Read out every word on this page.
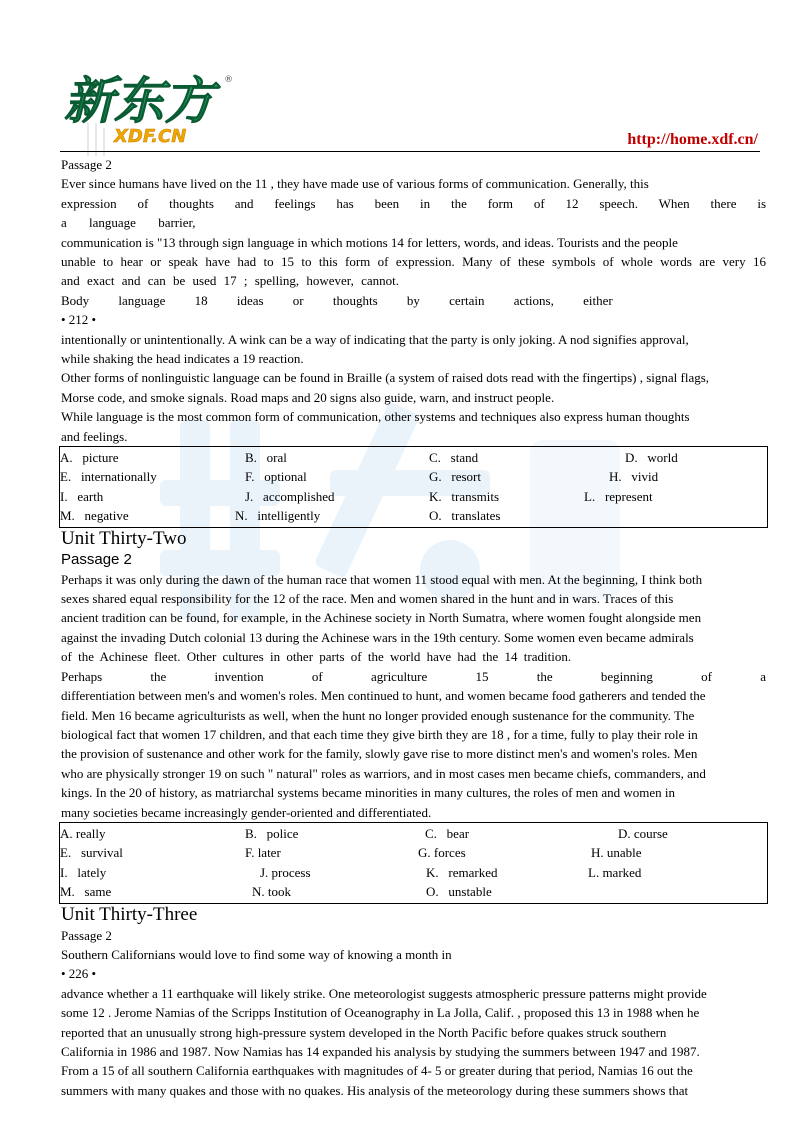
新东方	®
XDF.CN	http://home.xdf.cn/

Passage 2

Ever since humans have lived on the 11 , they have made use of various forms of communication. Generally, this

expression of thoughts and feelings has been in the form of 12 speech. When there is

a language barrier,

communication is "13 through sign language in which motions 14 for letters, words, and ideas. Tourists and the people

unable to hear or speak have had to 15 to this form of expression. Many of these symbols of whole words are very 16

and exact and can be used 17 ; spelling, however, cannot.

Body language 18 ideas or thoughts by certain actions, either

• 212 •

intentionally or unintentionally. A wink can be a way of indicating that the party is only joking. A nod signifies approval,

while shaking the head indicates a 19 reaction.

Other forms of nonlinguistic language can be found in Braille (a system of raised dots read with the fingertips) , signal flags,

Morse code, and smoke signals. Road maps and 20 signs also guide, warn, and instruct people.

While language is the most common form of communication, other systems and techniques also express human thoughts

and feelings.

A.   picture	B.   oral	C.   stand	D.   world
E.   internationally	F.   optional	G.   resort	H.   vivid
I.   earth	J.   accomplished	K.   transmits	L.   represent
M.   negative	N.   intelligently	O.   translates

Unit Thirty-Two

Passage 2

Perhaps it was only during the dawn of the human race that women 11 stood equal with men. At the beginning, I think both

sexes shared equal responsibility for the 12 of the race. Men and women shared in the hunt and in wars. Traces of this

ancient tradition can be found, for example, in the Achinese society in North Sumatra, where women fought alongside men

against the invading Dutch colonial 13 during the Achinese wars in the 19th century. Some women even became admirals

of the Achinese fleet. Other cultures in other parts of the world have had the 14 tradition.

Perhaps the invention of agriculture 15 the beginning of a

differentiation between men's and women's roles. Men continued to hunt, and women became food gatherers and tended the

field. Men 16 became agriculturists as well, when the hunt no longer provided enough sustenance for the community. The

biological fact that women 17 children, and that each time they give birth they are 18 , for a time, fully to play their role in

the provision of sustenance and other work for the family, slowly gave rise to more distinct men's and women's roles. Men

who are physically stronger 19 on such " natural" roles as warriors, and in most cases men became chiefs, commanders, and

kings. In the 20 of history, as matriarchal systems became minorities in many cultures, the roles of men and women in

many societies became increasingly gender-oriented and differentiated.

A. really	B.   police	C.   bear	D. course
E.   survival	F. later	G. forces	H. unable
I.   lately	J. process	K.   remarked	L. marked
M.   same	N. took	O.   unstable

Unit Thirty-Three

Passage 2

Southern Californians would love to find some way of knowing a month in

• 226 •

advance whether a 11 earthquake will likely strike. One meteorologist suggests atmospheric pressure patterns might provide

some 12 . Jerome Namias of the Scripps Institution of Oceanography in La Jolla, Calif. , proposed this 13 in 1988 when he

reported that an unusually strong high-pressure system developed in the North Pacific before quakes struck southern

California in 1986 and 1987. Now Namias has 14 expanded his analysis by studying the summers between 1947 and 1987.

From a 15 of all southern California earthquakes with magnitudes of 4- 5 or greater during that period, Namias 16 out the

summers with many quakes and those with no quakes. His analysis of the meteorology during these summers shows that
